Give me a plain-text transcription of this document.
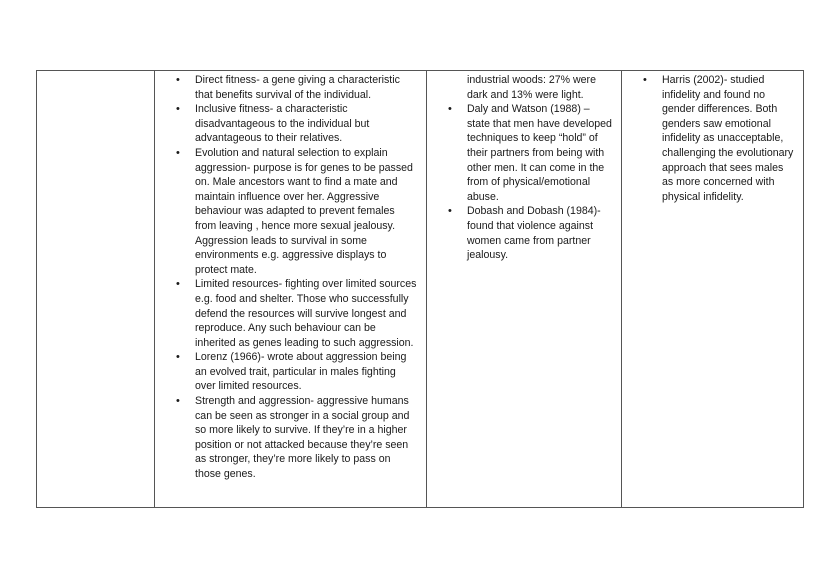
• Direct fitness- a gene giving a characteristic that benefits survival of the individual.
• Inclusive fitness- a characteristic disadvantageous to the individual but advantageous to their relatives.
• Evolution and natural selection to explain aggression- purpose is for genes to be passed on. Male ancestors want to find a mate and maintain influence over her. Aggressive behaviour was adapted to prevent females from leaving , hence more sexual jealousy. Aggression leads to survival in some environments e.g. aggressive displays to protect mate.
• Limited resources- fighting over limited sources e.g. food and shelter. Those who successfully defend the resources will survive longest and reproduce. Any such behaviour can be inherited as genes leading to such aggression.
• Lorenz (1966)- wrote about aggression being an evolved trait, particular in males fighting over limited resources.
• Strength and aggression- aggressive humans can be seen as stronger in a social group and so more likely to survive. If they’re in a higher position or not attacked because they’re seen as stronger, they’re more likely to pass on those genes.

industrial woods: 27% were dark and 13% were light.
• Daly and Watson (1988) – state that men have developed techniques to keep “hold” of their partners from being with other men. It can come in the from of physical/emotional abuse.
• Dobash and Dobash (1984)- found that violence against women came from partner jealousy.

• Harris (2002)- studied infidelity and found no gender differences. Both genders saw emotional infidelity as unacceptable, challenging the evolutionary approach that sees males as more concerned with physical infidelity.
